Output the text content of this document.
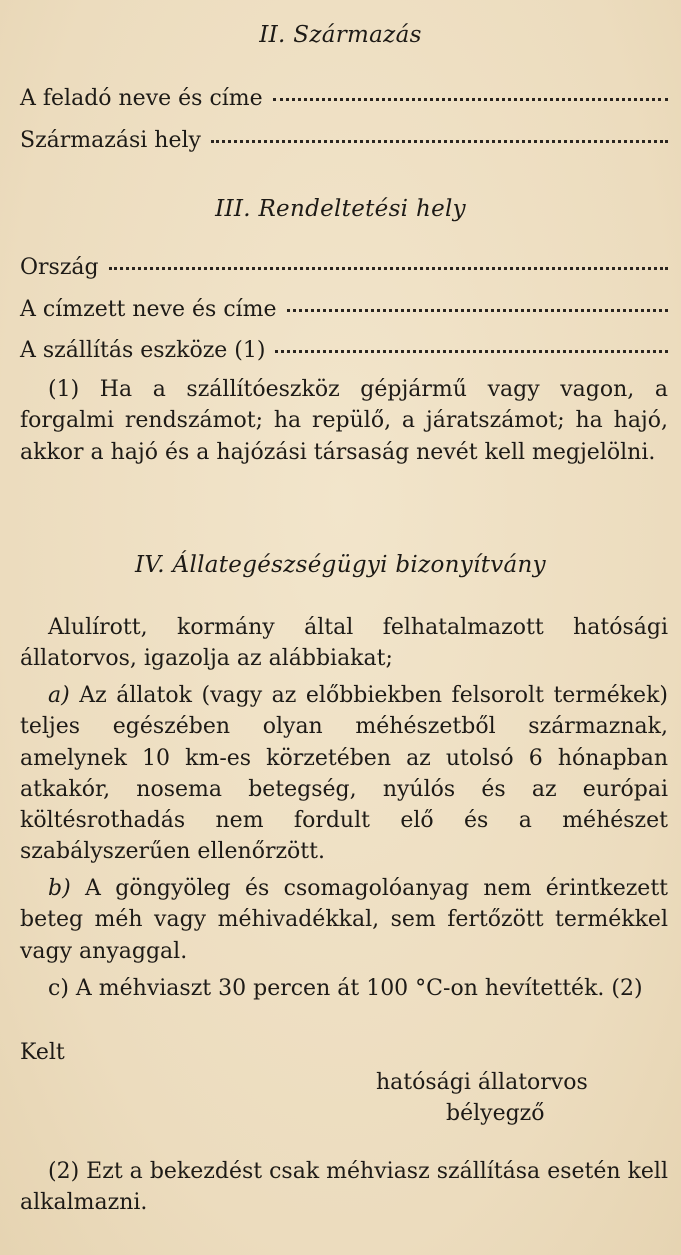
II. Származás
A feladó neve és címe
Származási hely
III. Rendeltetési hely
Ország
A címzett neve és címe
A szállítás eszköze (1)
(1) Ha a szállítóeszköz gépjármű vagy vagon, a forgalmi rendszámot; ha repülő, a járatszámot; ha hajó, akkor a hajó és a hajózási társaság nevét kell megjelölni.
IV. Állategészségügyi bizonyítvány
Alulírott, kormány által felhatalmazott hatósági állatorvos, igazolja az alábbiakat;
a) Az állatok (vagy az előbbiekben felsorolt termékek) teljes egészében olyan méhészetből származnak, amelynek 10 km-es körzetében az utolsó 6 hónapban atkakór, nosema betegség, nyúlós és az európai költésrothadás nem fordult elő és a méhészet szabályszerűen ellenőrzött.
b) A göngyöleg és csomagolóanyag nem érintkezett beteg méh vagy méhivadékkal, sem fertőzött termékkel vagy anyaggal.
c) A méhviaszt 30 percen át 100 °C-on hevítették. (2)
Kelt
hatósági állatorvos
bélyegző
(2) Ezt a bekezdést csak méhviasz szállítása esetén kell alkalmazni.
